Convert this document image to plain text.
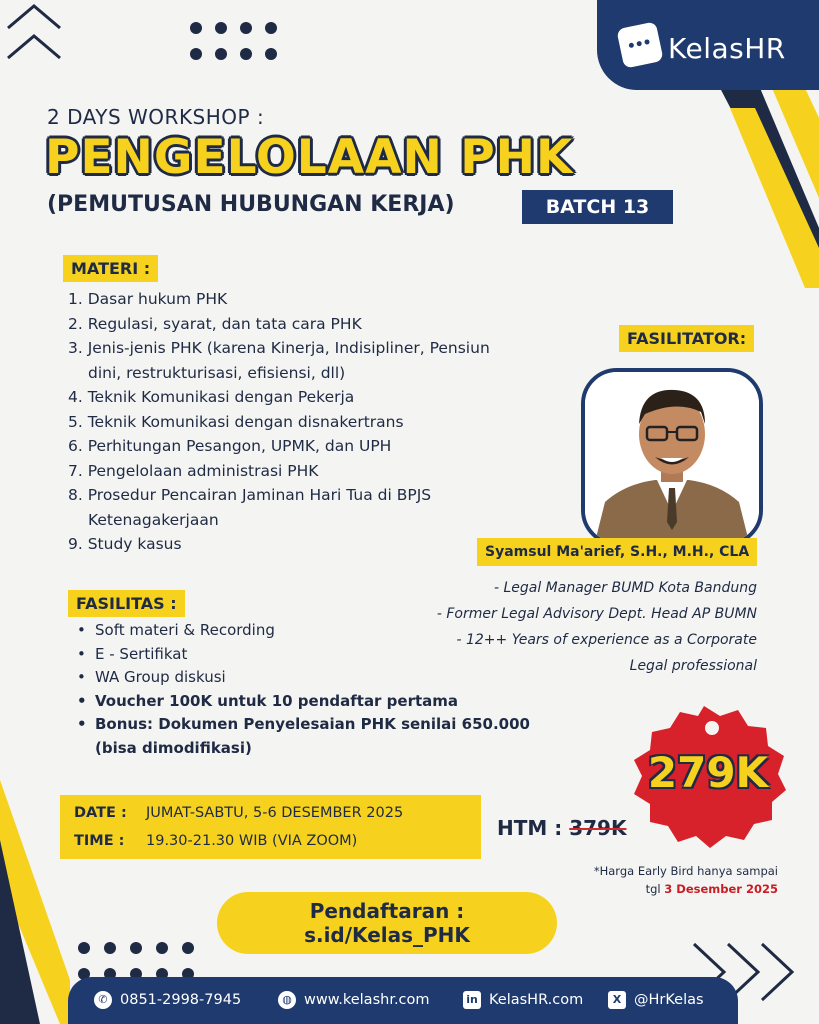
KelasHR
2 DAYS WORKSHOP :
PENGELOLAAN PHK
(PEMUTUSAN HUBUNGAN KERJA)	BATCH 13
MATERI :
1. Dasar hukum PHK
2. Regulasi, syarat, dan tata cara PHK
3. Jenis-jenis PHK (karena Kinerja, Indisipliner, Pensiun
dini, restrukturisasi, efisiensi, dll)
4. Teknik Komunikasi dengan Pekerja
5. Teknik Komunikasi dengan disnakertrans
6. Perhitungan Pesangon, UPMK, dan UPH
7. Pengelolaan administrasi PHK
8. Prosedur Pencairan Jaminan Hari Tua di BPJS
Ketenagakerjaan
9. Study kasus
FASILITATOR:
Syamsul Ma'arief, S.H., M.H., CLA
- Legal Manager BUMD Kota Bandung
- Former Legal Advisory Dept. Head AP BUMN
- 12++ Years of experience as a Corporate
Legal professional
FASILITAS :
• Soft materi & Recording
• E - Sertifikat
• WA Group diskusi
• Voucher 100K untuk 10 pendaftar pertama
• Bonus: Dokumen Penyelesaian PHK senilai 650.000
(bisa dimodifikasi)
DATE : JUMAT-SABTU, 5-6 DESEMBER 2025
TIME : 19.30-21.30 WIB (VIA ZOOM)
HTM : 379K
279K
*Harga Early Bird hanya sampai
tgl 3 Desember 2025
Pendaftaran :
s.id/Kelas_PHK
✆ 0851-2998-7945	◍ www.kelashr.com	in KelasHR.com	X @HrKelas
